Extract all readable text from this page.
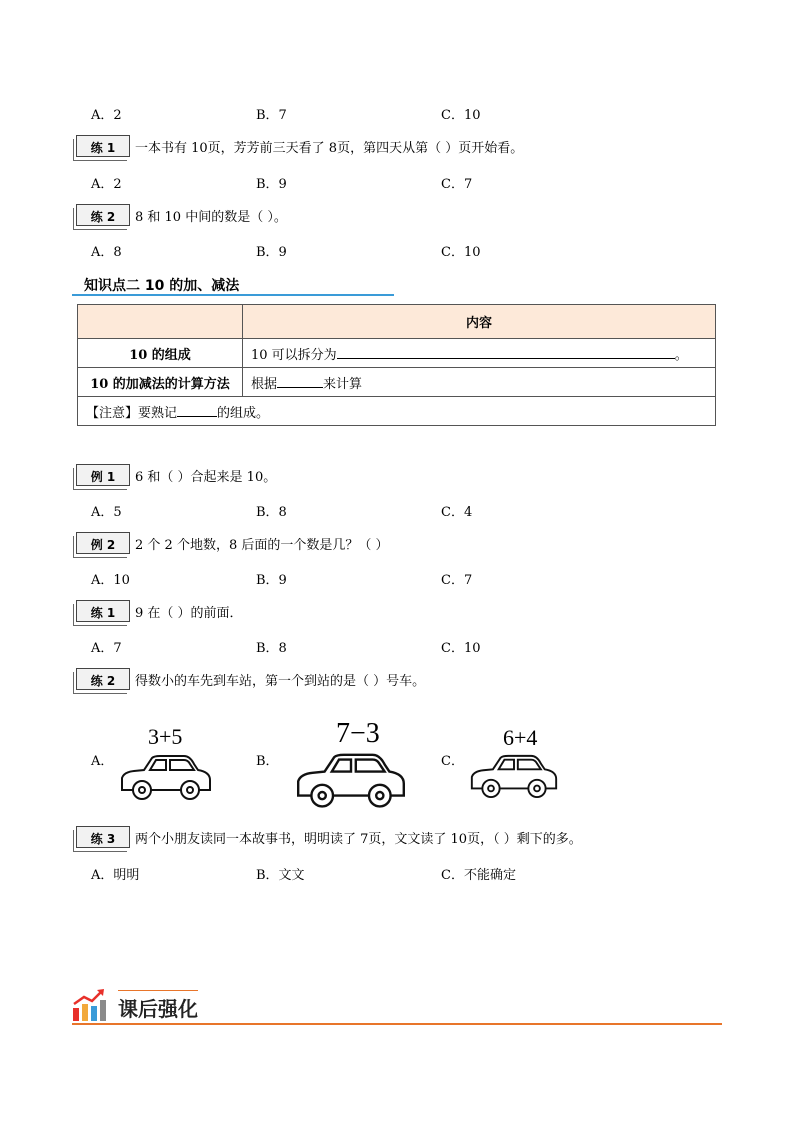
A．2	B．7	C．10
练 1	一本书有 10页，芳芳前三天看了 8页，第四天从第（ ）页开始看。
A．2	B．9	C．7
练 2	8 和 10 中间的数是（ ）。
A．8	B．9	C．10
知识点二 10 的加、减法
	内容
10 的组成	10 可以拆分为 。
10 的加减法的计算方法	根据 来计算
【注意】要熟记 的组成。	
例 1	6 和（ ）合起来是 10。
A．5	B．8	C．4
例 2	2 个 2 个地数，8 后面的一个数是几？（ ）
A．10	B．9	C．7
练 1	9 在（ ）的前面．
A．7	B．8	C．10
练 2	得数小的车先到车站，第一个到站的是（ ）号车。
A．	B．	C．
3+5	7−3	6+4
练 3	两个小朋友读同一本故事书，明明读了 7页，文文读了 10页，（ ）剩下的多。
A．明明	B．文文	C．不能确定
课后强化
